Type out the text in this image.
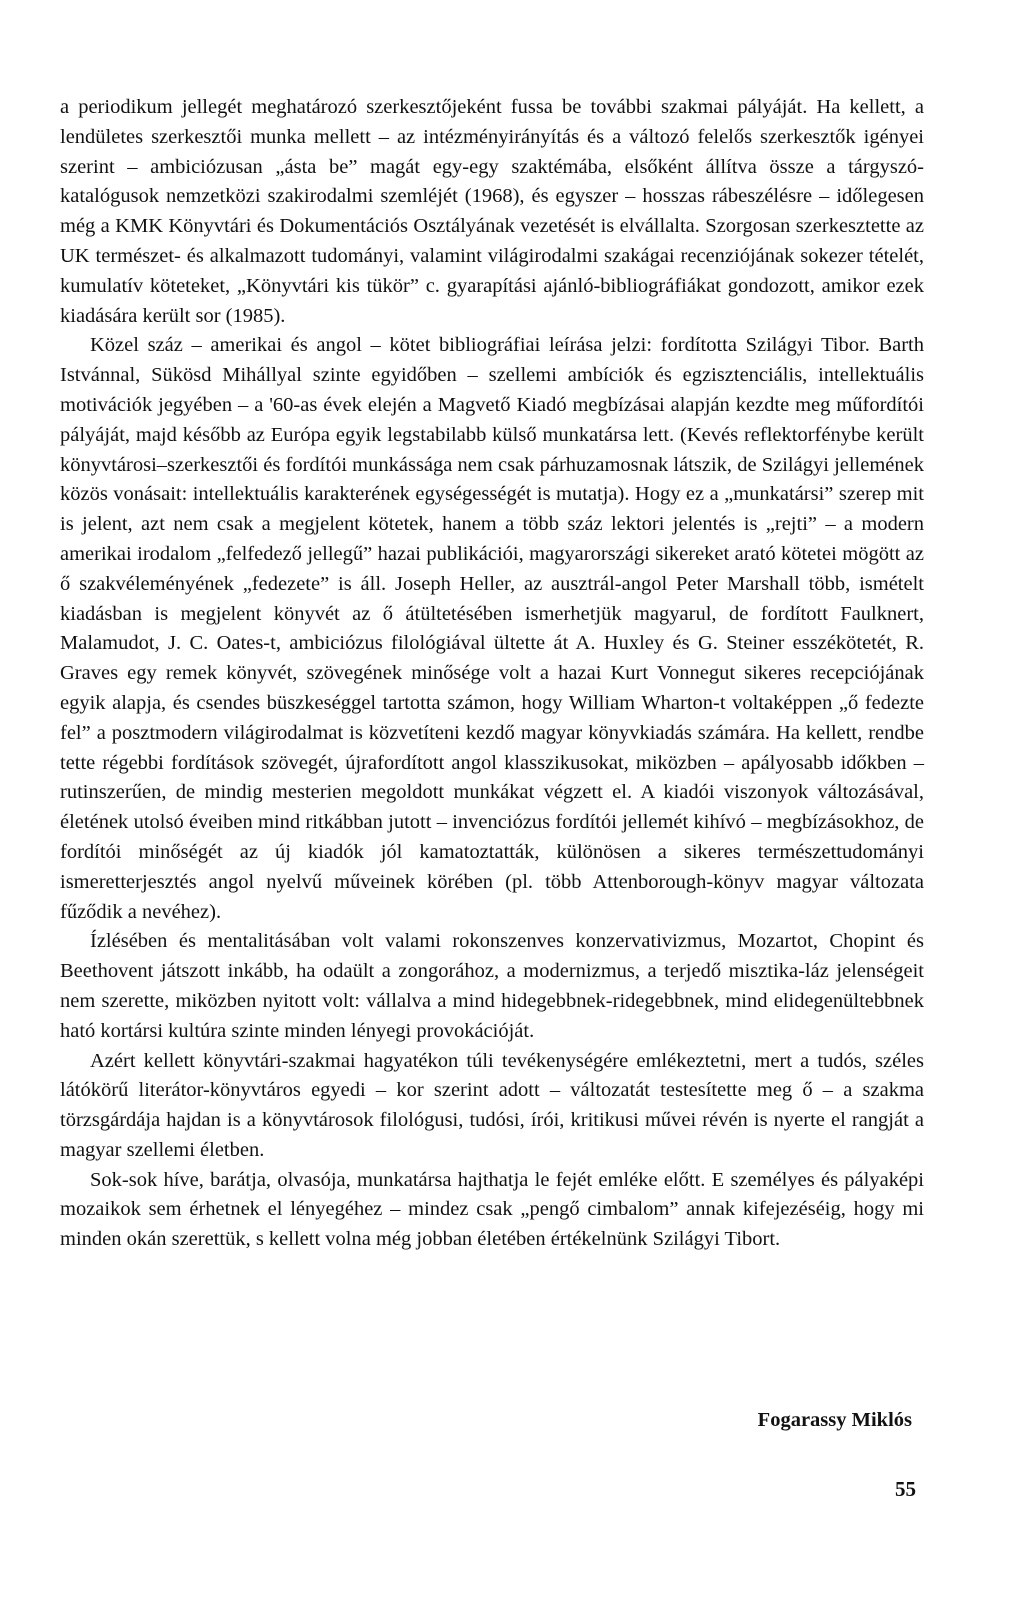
a periodikum jellegét meghatározó szerkesztőjeként fussa be további szakmai pályáját. Ha kellett, a lendületes szerkesztői munka mellett – az intézményirányítás és a változó felelős szerkesztők igényei szerint – ambiciózusan „ásta be” magát egy-egy szaktémába, elsőként állítva össze a tárgyszó-katalógusok nemzetközi szakirodalmi szemléjét (1968), és egyszer – hosszas rábeszélésre – időlegesen még a KMK Könyvtári és Dokumentációs Osztályának vezetését is elvállalta. Szorgosan szerkesztette az UK természet- és alkalmazott tudományi, valamint világirodalmi szakágai recenziójának sokezer tételét, kumulatív köteteket, „Könyvtári kis tükör” c. gyarapítási ajánló-bibliográfiákat gondozott, amikor ezek kiadására került sor (1985).

Közel száz – amerikai és angol – kötet bibliográfiai leírása jelzi: fordította Szilágyi Tibor. Barth Istvánnal, Sükösd Mihállyal szinte egyidőben – szellemi ambíciók és egzisztenciális, intellektuális motivációk jegyében – a '60-as évek elején a Magvető Kiadó megbízásai alapján kezdte meg műfordítói pályáját, majd később az Európa egyik legstabilabb külső munkatársa lett. (Kevés reflektorfénybe került könyvtárosi–szerkesztői és fordítói munkássága nem csak párhuzamosnak látszik, de Szilágyi jellemének közös vonásait: intellektuális karakterének egységességét is mutatja). Hogy ez a „munkatársi” szerep mit is jelent, azt nem csak a megjelent kötetek, hanem a több száz lektori jelentés is „rejti” – a modern amerikai irodalom „felfedező jellegű” hazai publikációi, magyarországi sikereket arató kötetei mögött az ő szakvéleményének „fedezete” is áll. Joseph Heller, az ausztrál-angol Peter Marshall több, ismételt kiadásban is megjelent könyvét az ő átültetésében ismerhetjük magyarul, de fordított Faulknert, Malamudot, J. C. Oates-t, ambiciózus filológiával ültette át A. Huxley és G. Steiner esszékötetét, R. Graves egy remek könyvét, szövegének minősége volt a hazai Kurt Vonnegut sikeres recepciójának egyik alapja, és csendes büszkeséggel tartotta számon, hogy William Wharton-t voltaképpen „ő fedezte fel” a posztmodern világirodalmat is közvetíteni kezdő magyar könyvkiadás számára. Ha kellett, rendbe tette régebbi fordítások szövegét, újrafordított angol klasszikusokat, miközben – apályosabb időkben – rutinszerűen, de mindig mesterien megoldott munkákat végzett el. A kiadói viszonyok változásával, életének utolsó éveiben mind ritkábban jutott – invenciózus fordítói jellemét kihívó – megbízásokhoz, de fordítói minőségét az új kiadók jól kamatoztatták, különösen a sikeres természettudományi ismeretterjesztés angol nyelvű műveinek körében (pl. több Attenborough-könyv magyar változata fűződik a nevéhez).

Ízlésében és mentalitásában volt valami rokonszenves konzervativizmus, Mozartot, Chopint és Beethovent játszott inkább, ha odaült a zongorához, a modernizmus, a terjedő misztika-láz jelenségeit nem szerette, miközben nyitott volt: vállalva a mind hidegebbnek-ridegebbnek, mind elidegenültebbnek ható kortársi kultúra szinte minden lényegi provokációját.

Azért kellett könyvtári-szakmai hagyatékon túli tevékenységére emlékeztetni, mert a tudós, széles látókörű literátor-könyvtáros egyedi – kor szerint adott – változatát testesítette meg ő – a szakma törzsgárdája hajdan is a könyvtárosok filológusi, tudósi, írói, kritikusi művei révén is nyerte el rangját a magyar szellemi életben.

Sok-sok híve, barátja, olvasója, munkatársa hajthatja le fejét emléke előtt. E személyes és pályaképi mozaikok sem érhetnek el lényegéhez – mindez csak „pengő cimbalom” annak kifejezéséig, hogy mi minden okán szerettük, s kellett volna még jobban életében értékelnünk Szilágyi Tibort.

Fogarassy Miklós
55
